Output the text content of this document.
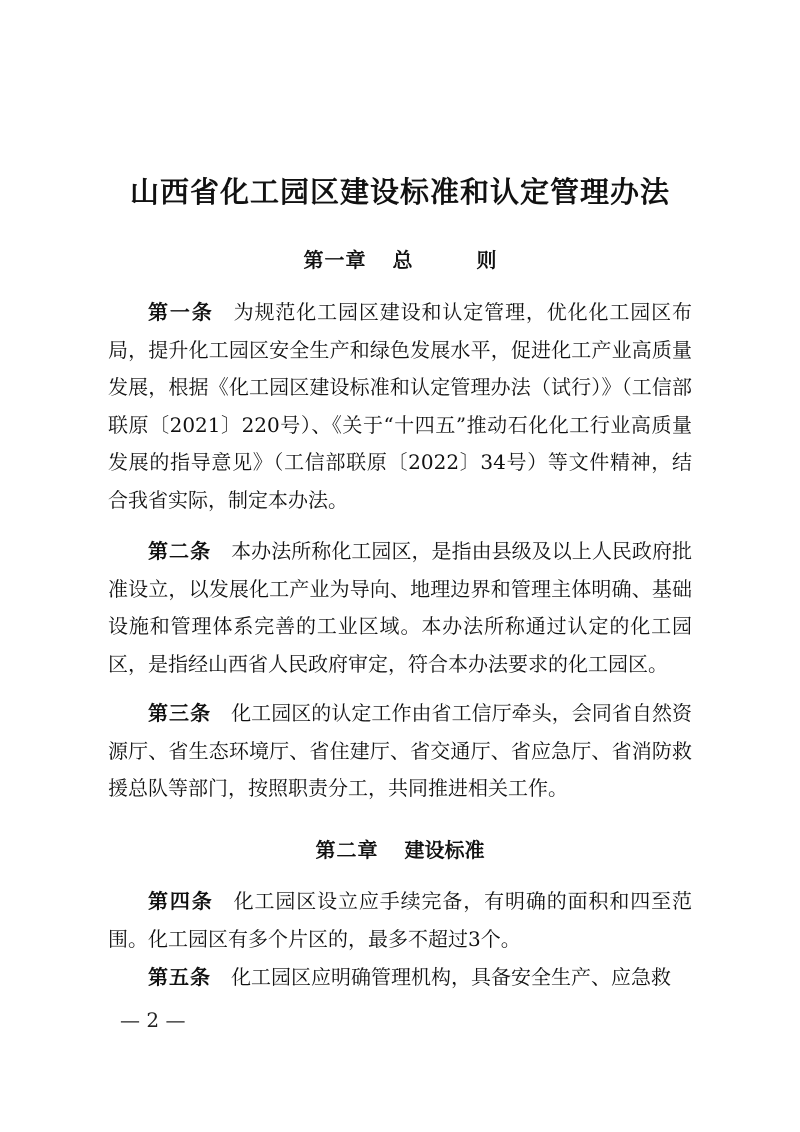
山西省化工园区建设标准和认定管理办法
第一章 总　则

第一条 为规范化工园区建设和认定管理，优化化工园区布局，提升化工园区安全生产和绿色发展水平，促进化工产业高质量发展，根据《化工园区建设标准和认定管理办法（试行）》（工信部联原〔2021〕220号）、《关于“十四五”推动石化化工行业高质量发展的指导意见》（工信部联原〔2022〕34号）等文件精神，结合我省实际，制定本办法。

第二条 本办法所称化工园区，是指由县级及以上人民政府批准设立，以发展化工产业为导向、地理边界和管理主体明确、基础设施和管理体系完善的工业区域。本办法所称通过认定的化工园区，是指经山西省人民政府审定，符合本办法要求的化工园区。

第三条 化工园区的认定工作由省工信厅牵头，会同省自然资源厅、省生态环境厅、省住建厅、省交通厅、省应急厅、省消防救援总队等部门，按照职责分工，共同推进相关工作。

第二章 建设标准

第四条 化工园区设立应手续完备，有明确的面积和四至范围。化工园区有多个片区的，最多不超过3个。

第五条 化工园区应明确管理机构，具备安全生产、应急救

— 2 —
